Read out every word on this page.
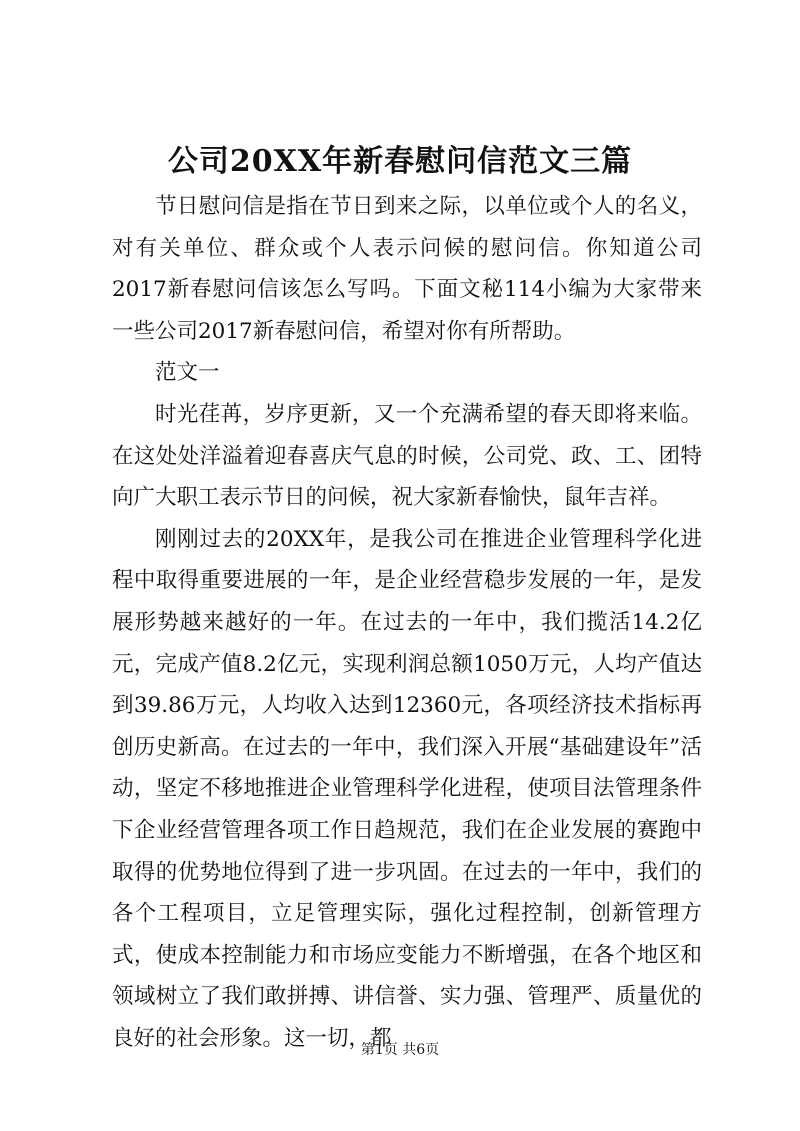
公司20XX年新春慰问信范文三篇

节日慰问信是指在节日到来之际，以单位或个人的名义，对有关单位、群众或个人表示问候的慰问信。你知道公司2017新春慰问信该怎么写吗。下面文秘114小编为大家带来一些公司2017新春慰问信，希望对你有所帮助。

范文一

时光荏苒，岁序更新，又一个充满希望的春天即将来临。在这处处洋溢着迎春喜庆气息的时候，公司党、政、工、团特向广大职工表示节日的问候，祝大家新春愉快，鼠年吉祥。

刚刚过去的20XX年，是我公司在推进企业管理科学化进程中取得重要进展的一年，是企业经营稳步发展的一年，是发展形势越来越好的一年。在过去的一年中，我们揽活14.2亿元，完成产值8.2亿元，实现利润总额1050万元，人均产值达到39.86万元，人均收入达到12360元，各项经济技术指标再创历史新高。在过去的一年中，我们深入开展“基础建设年”活动，坚定不移地推进企业管理科学化进程，使项目法管理条件下企业经营管理各项工作日趋规范，我们在企业发展的赛跑中取得的优势地位得到了进一步巩固。在过去的一年中，我们的各个工程项目，立足管理实际，强化过程控制，创新管理方式，使成本控制能力和市场应变能力不断增强，在各个地区和领域树立了我们敢拼搏、讲信誉、实力强、管理严、质量优的良好的社会形象。这一切，都

第1页 共6页
